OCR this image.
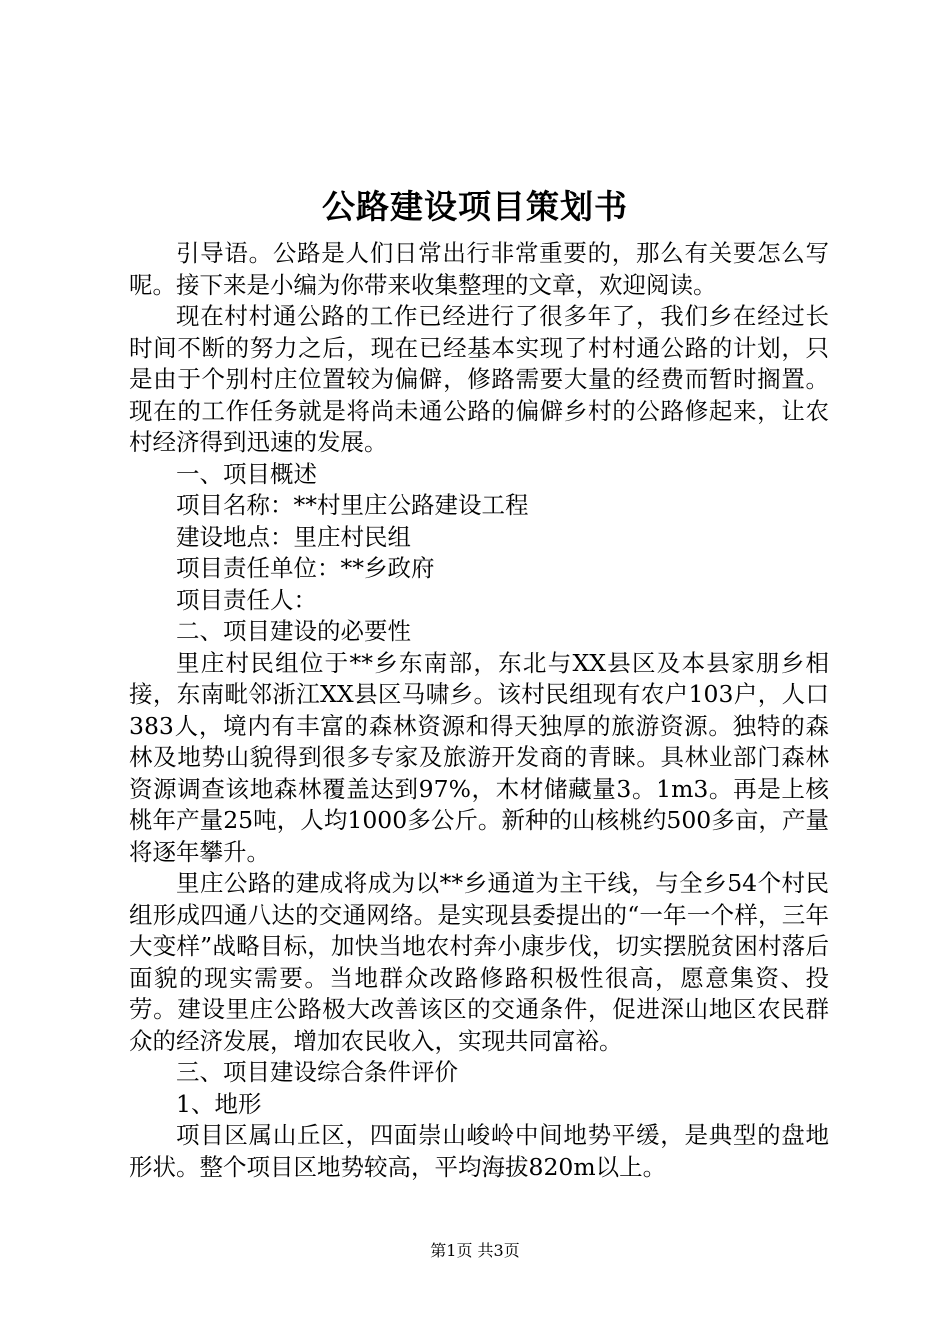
公路建设项目策划书

引导语。公路是人们日常出行非常重要的，那么有关要怎么写呢。接下来是小编为你带来收集整理的文章，欢迎阅读。

现在村村通公路的工作已经进行了很多年了，我们乡在经过长时间不断的努力之后，现在已经基本实现了村村通公路的计划，只是由于个别村庄位置较为偏僻，修路需要大量的经费而暂时搁置。现在的工作任务就是将尚未通公路的偏僻乡村的公路修起来，让农村经济得到迅速的发展。

一、项目概述

项目名称：**村里庄公路建设工程

建设地点：里庄村民组

项目责任单位：**乡政府

项目责任人：

二、项目建设的必要性

里庄村民组位于**乡东南部，东北与XX县区及本县家朋乡相接，东南毗邻浙江XX县区马啸乡。该村民组现有农户103户，人口383人，境内有丰富的森林资源和得天独厚的旅游资源。独特的森林及地势山貌得到很多专家及旅游开发商的青睐。具林业部门森林资源调查该地森林覆盖达到97%，木材储藏量3。1m3。再是上核桃年产量25吨，人均1000多公斤。新种的山核桃约500多亩，产量将逐年攀升。

里庄公路的建成将成为以**乡通道为主干线，与全乡54个村民组形成四通八达的交通网络。是实现县委提出的“一年一个样，三年大变样”战略目标，加快当地农村奔小康步伐，切实摆脱贫困村落后面貌的现实需要。当地群众改路修路积极性很高，愿意集资、投劳。建设里庄公路极大改善该区的交通条件，促进深山地区农民群众的经济发展，增加农民收入，实现共同富裕。

三、项目建设综合条件评价

1、地形

项目区属山丘区，四面崇山峻岭中间地势平缓，是典型的盘地形状。整个项目区地势较高，平均海拔820m以上。

第1页 共3页
